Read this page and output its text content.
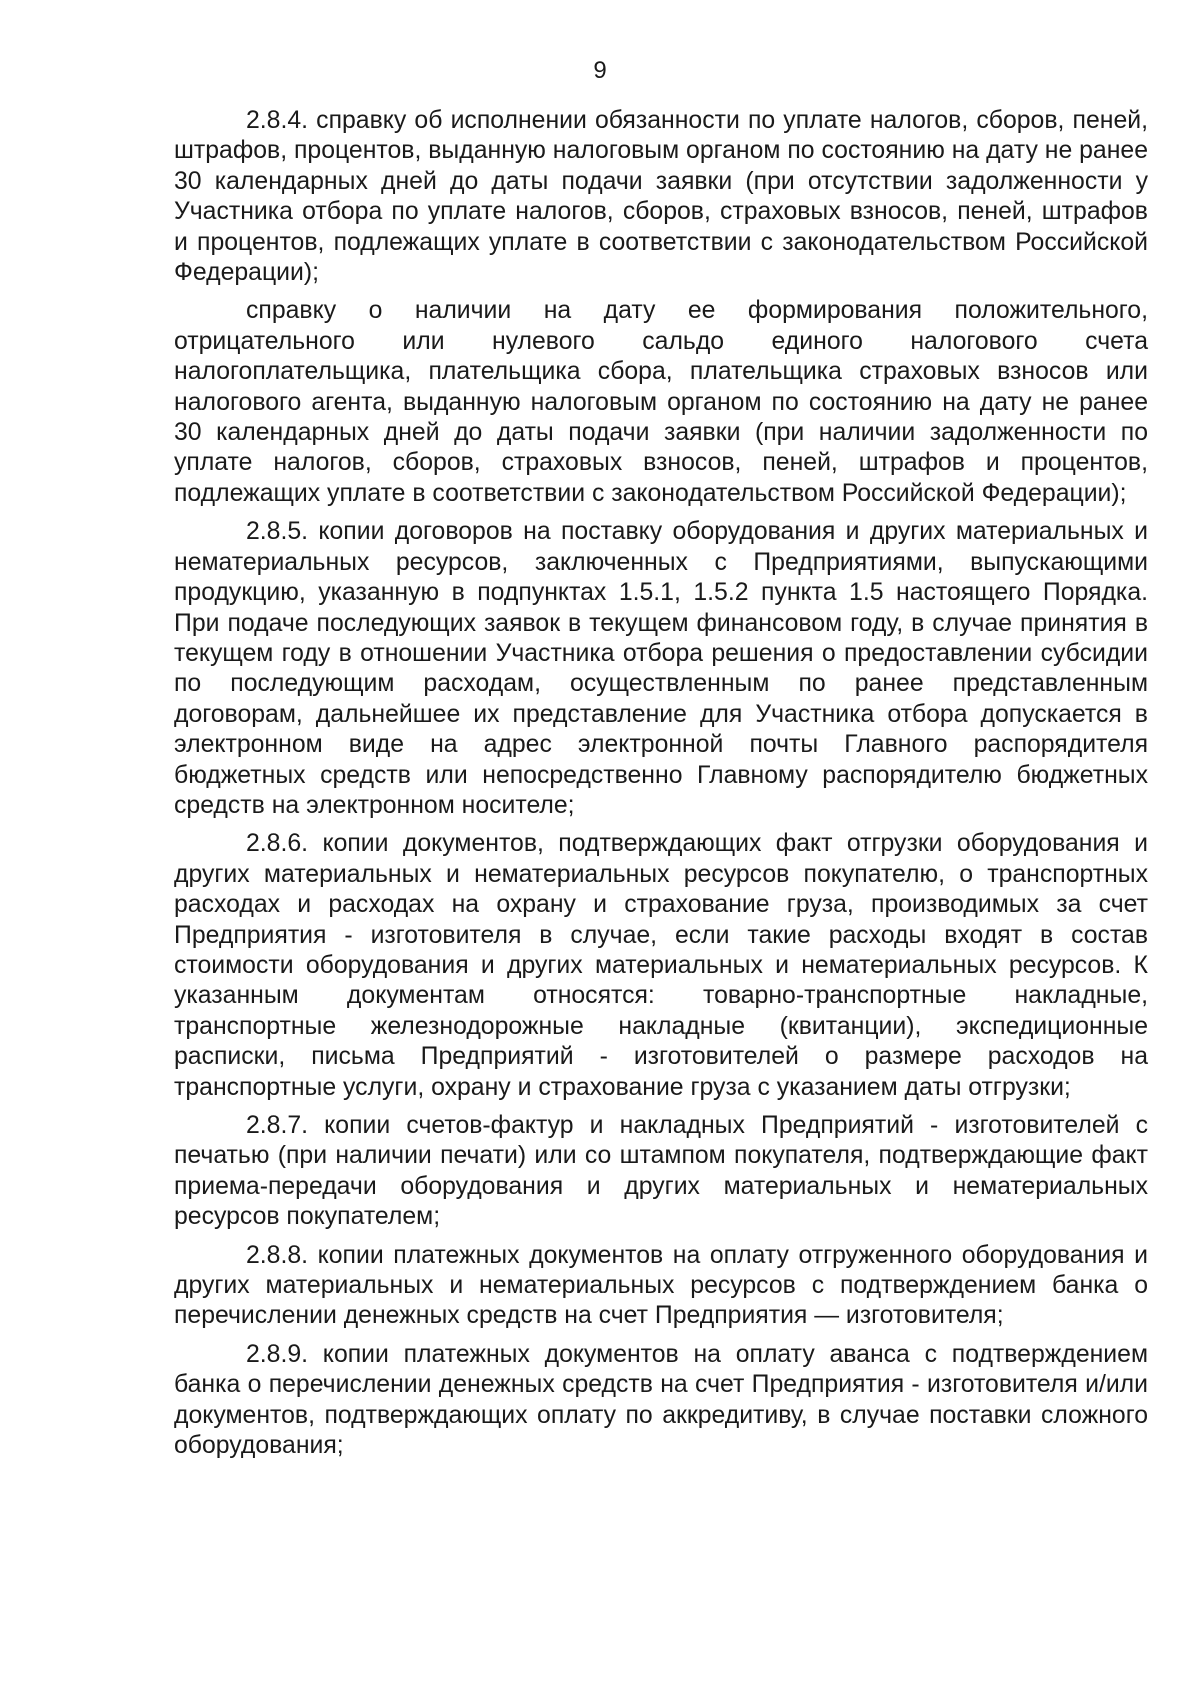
9

2.8.4. справку об исполнении обязанности по уплате налогов, сборов, пеней, штрафов, процентов, выданную налоговым органом по состоянию на дату не ранее 30 календарных дней до даты подачи заявки (при отсутствии задолженности у Участника отбора по уплате налогов, сборов, страховых взносов, пеней, штрафов и процентов, подлежащих уплате в соответствии с законодательством Российской Федерации);

справку о наличии на дату ее формирования положительного, отрицательного или нулевого сальдо единого налогового счета налогоплательщика, плательщика сбора, плательщика страховых взносов или налогового агента, выданную налоговым органом по состоянию на дату не ранее 30 календарных дней до даты подачи заявки (при наличии задолженности по уплате налогов, сборов, страховых взносов, пеней, штрафов и процентов, подлежащих уплате в соответствии с законодательством Российской Федерации);

2.8.5. копии договоров на поставку оборудования и других материальных и нематериальных ресурсов, заключенных с Предприятиями, выпускающими продукцию, указанную в подпунктах 1.5.1, 1.5.2 пункта 1.5 настоящего Порядка. При подаче последующих заявок в текущем финансовом году, в случае принятия в текущем году в отношении Участника отбора решения о предоставлении субсидии по последующим расходам, осуществленным по ранее представленным договорам, дальнейшее их представление для Участника отбора допускается в электронном виде на адрес электронной почты Главного распорядителя бюджетных средств или непосредственно Главному распорядителю бюджетных средств на электронном носителе;

2.8.6. копии документов, подтверждающих факт отгрузки оборудования и других материальных и нематериальных ресурсов покупателю, о транспортных расходах и расходах на охрану и страхование груза, производимых за счет Предприятия - изготовителя в случае, если такие расходы входят в состав стоимости оборудования и других материальных и нематериальных ресурсов. К указанным документам относятся: товарно-транспортные накладные, транспортные железнодорожные накладные (квитанции), экспедиционные расписки, письма Предприятий - изготовителей о размере расходов на транспортные услуги, охрану и страхование груза с указанием даты отгрузки;

2.8.7. копии счетов-фактур и накладных Предприятий - изготовителей с печатью (при наличии печати) или со штампом покупателя, подтверждающие факт приема-передачи оборудования и других материальных и нематериальных ресурсов покупателем;

2.8.8. копии платежных документов на оплату отгруженного оборудования и других материальных и нематериальных ресурсов с подтверждением банка о перечислении денежных средств на счет Предприятия — изготовителя;

2.8.9. копии платежных документов на оплату аванса с подтверждением банка о перечислении денежных средств на счет Предприятия - изготовителя и/или документов, подтверждающих оплату по аккредитиву, в случае поставки сложного оборудования;
